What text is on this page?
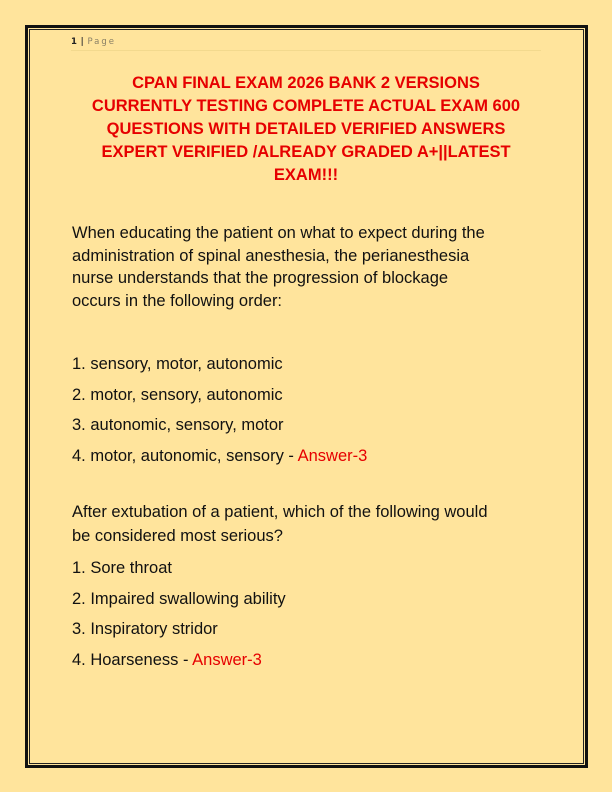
1 | Page
CPAN FINAL EXAM 2026 BANK 2 VERSIONS
CURRENTLY TESTING COMPLETE ACTUAL EXAM 600
QUESTIONS WITH DETAILED VERIFIED ANSWERS
EXPERT VERIFIED /ALREADY GRADED A+||LATEST
EXAM!!!
When educating the patient on what to expect during the
administration of spinal anesthesia, the perianesthesia
nurse understands that the progression of blockage
occurs in the following order:
1. sensory, motor, autonomic
2. motor, sensory, autonomic
3. autonomic, sensory, motor
4. motor, autonomic, sensory - Answer-3
After extubation of a patient, which of the following would
be considered most serious?
1. Sore throat
2. Impaired swallowing ability
3. Inspiratory stridor
4. Hoarseness - Answer-3
